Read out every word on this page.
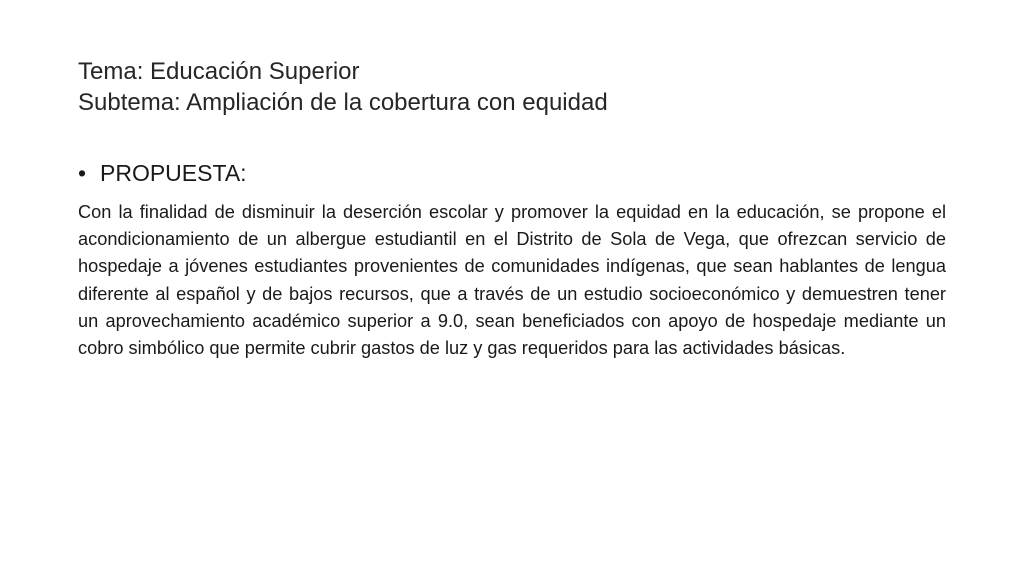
Tema: Educación Superior
Subtema: Ampliación de la cobertura con equidad
• PROPUESTA:
Con la finalidad de disminuir la deserción escolar y promover la equidad en la educación, se propone el acondicionamiento de un albergue estudiantil en el Distrito de Sola de Vega, que ofrezcan servicio de hospedaje a jóvenes estudiantes provenientes de comunidades indígenas, que sean hablantes de lengua diferente al español y de bajos recursos, que a través de un estudio socioeconómico y demuestren tener un aprovechamiento académico superior a 9.0, sean beneficiados con apoyo de hospedaje mediante un cobro simbólico que permite cubrir gastos de luz y gas requeridos para las actividades básicas.
